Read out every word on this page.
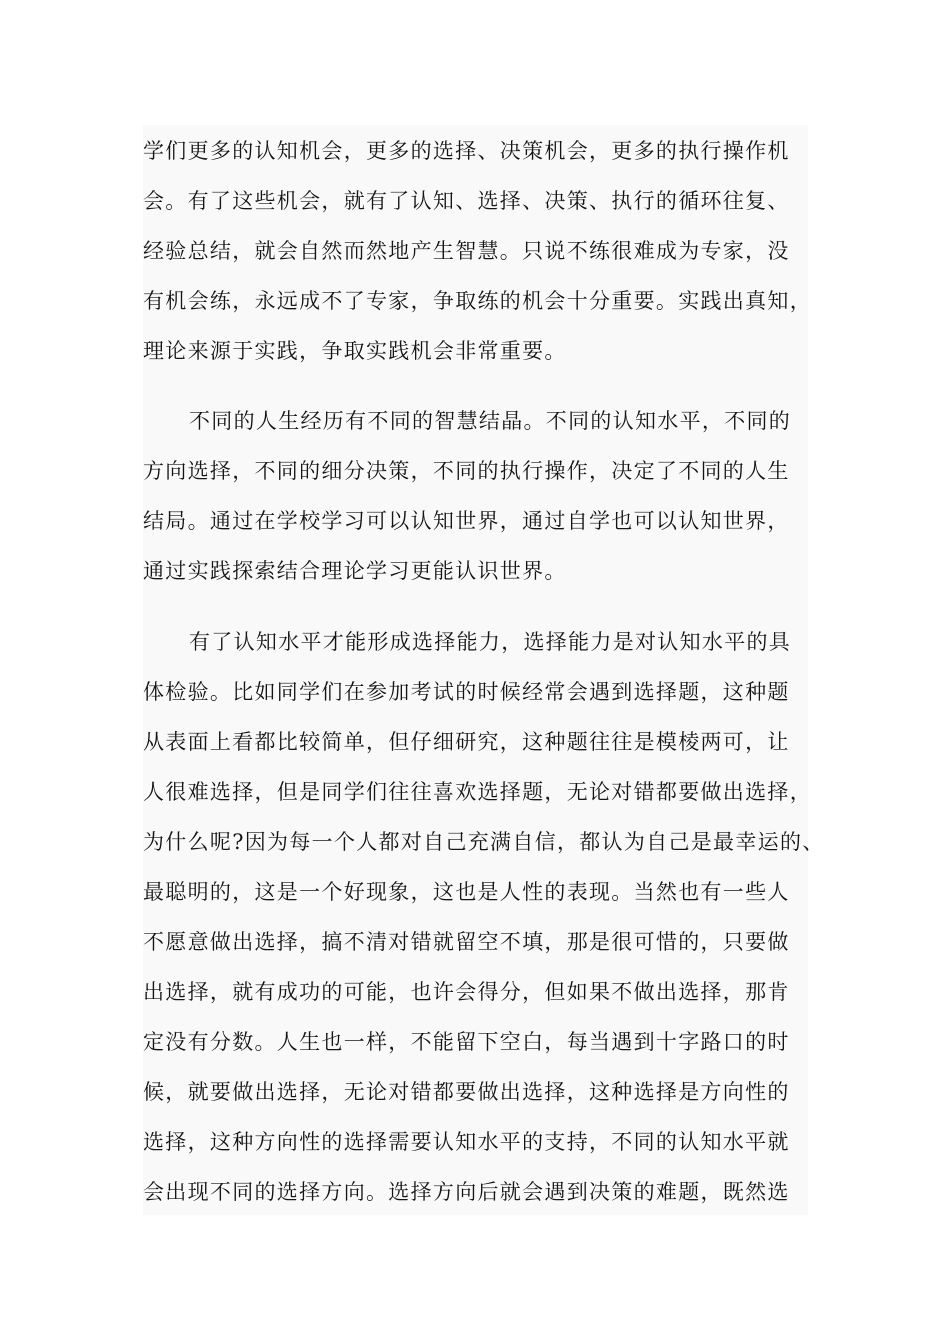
学们更多的认知机会，更多的选择、决策机会，更多的执行操作机
会。有了这些机会，就有了认知、选择、决策、执行的循环往复、
经验总结，就会自然而然地产生智慧。只说不练很难成为专家，没
有机会练，永远成不了专家，争取练的机会十分重要。实践出真知，
理论来源于实践，争取实践机会非常重要。
不同的人生经历有不同的智慧结晶。不同的认知水平，不同的
方向选择，不同的细分决策，不同的执行操作，决定了不同的人生
结局。通过在学校学习可以认知世界，通过自学也可以认知世界，
通过实践探索结合理论学习更能认识世界。
有了认知水平才能形成选择能力，选择能力是对认知水平的具
体检验。比如同学们在参加考试的时候经常会遇到选择题，这种题
从表面上看都比较简单，但仔细研究，这种题往往是模棱两可，让
人很难选择，但是同学们往往喜欢选择题，无论对错都要做出选择，
为什么呢?因为每一个人都对自己充满自信，都认为自己是最幸运的、
最聪明的，这是一个好现象，这也是人性的表现。当然也有一些人
不愿意做出选择，搞不清对错就留空不填，那是很可惜的，只要做
出选择，就有成功的可能，也许会得分，但如果不做出选择，那肯
定没有分数。人生也一样，不能留下空白，每当遇到十字路口的时
候，就要做出选择，无论对错都要做出选择，这种选择是方向性的
选择，这种方向性的选择需要认知水平的支持，不同的认知水平就
会出现不同的选择方向。选择方向后就会遇到决策的难题，既然选
